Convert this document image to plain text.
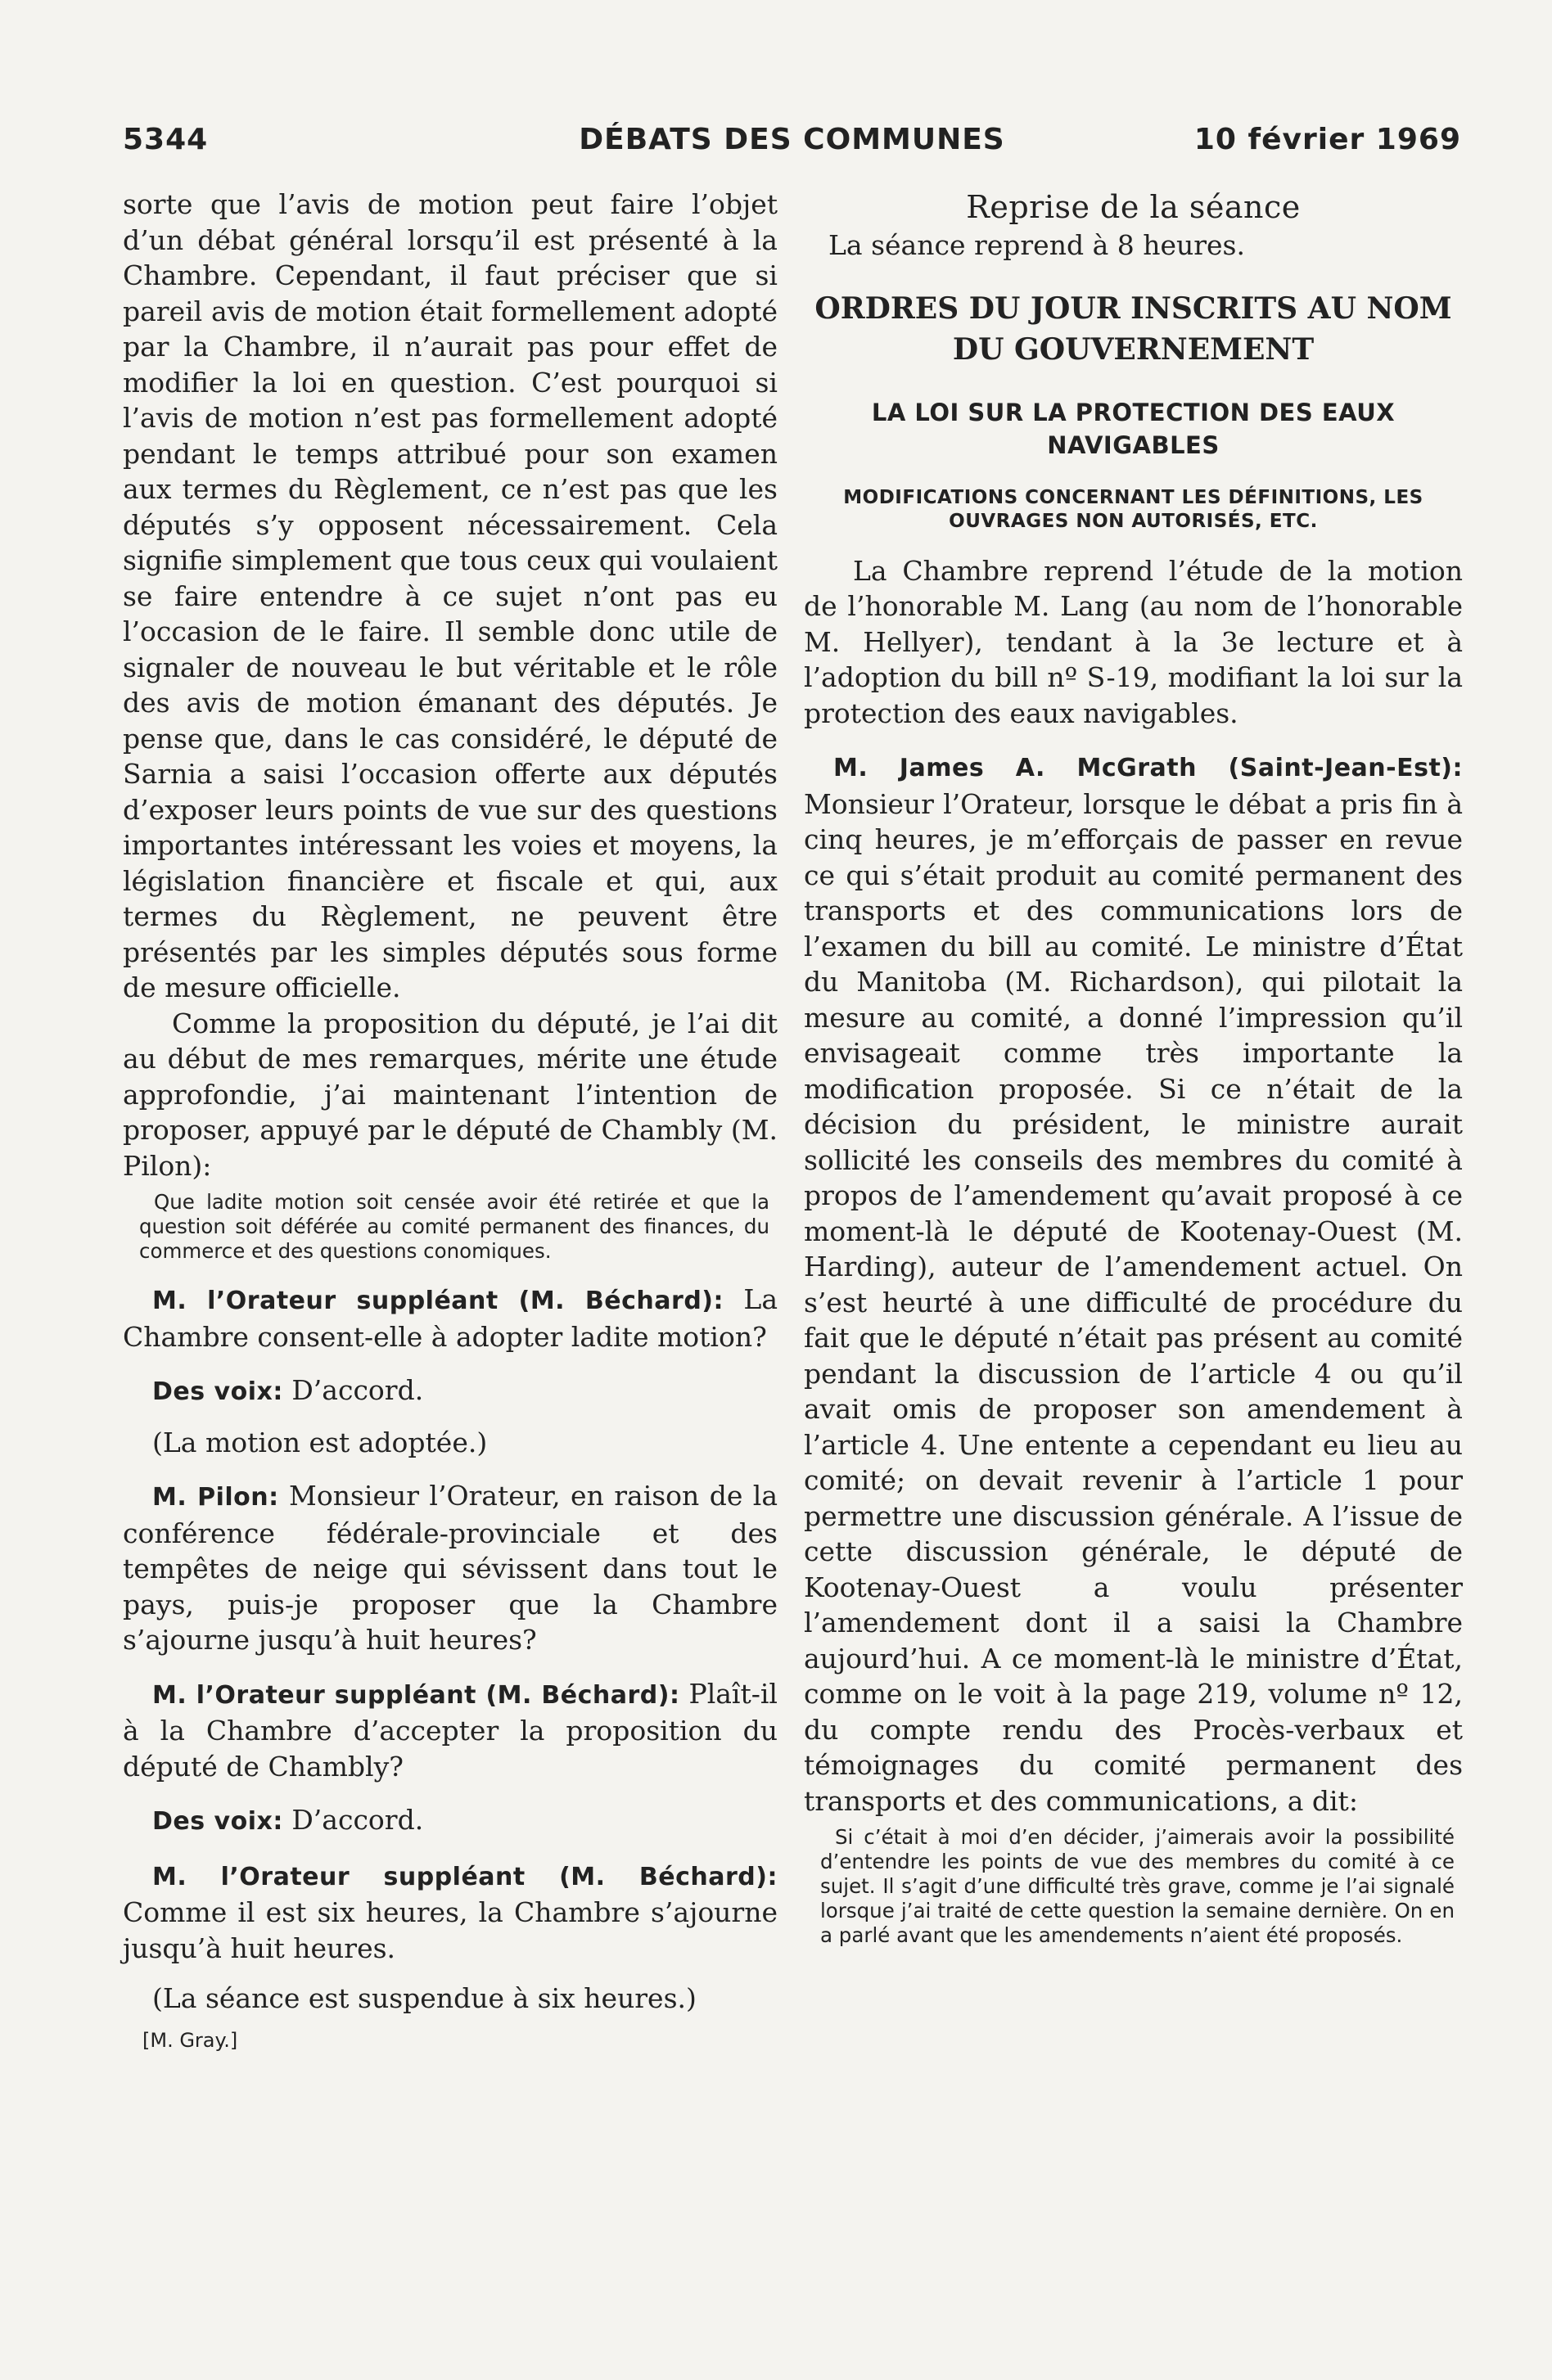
5344	DÉBATS DES COMMUNES	10 février 1969

sorte que l’avis de motion peut faire l’objet d’un débat général lorsqu’il est présenté à la Chambre. Cependant, il faut préciser que si pareil avis de motion était formellement adopté par la Chambre, il n’aurait pas pour effet de modifier la loi en question. C’est pourquoi si l’avis de motion n’est pas formellement adopté pendant le temps attribué pour son examen aux termes du Règlement, ce n’est pas que les députés s’y opposent nécessairement. Cela signifie simplement que tous ceux qui voulaient se faire entendre à ce sujet n’ont pas eu l’occasion de le faire. Il semble donc utile de signaler de nouveau le but véritable et le rôle des avis de motion émanant des députés. Je pense que, dans le cas considéré, le député de Sarnia a saisi l’occasion offerte aux députés d’exposer leurs points de vue sur des questions importantes intéressant les voies et moyens, la législation financière et fiscale et qui, aux termes du Règlement, ne peuvent être présentés par les simples députés sous forme de mesure officielle.

Comme la proposition du député, je l’ai dit au début de mes remarques, mérite une étude approfondie, j’ai maintenant l’intention de proposer, appuyé par le député de Chambly (M. Pilon):

Que ladite motion soit censée avoir été retirée et que la question soit déférée au comité permanent des finances, du commerce et des questions conomiques.

M. l’Orateur suppléant (M. Béchard): La Chambre consent-elle à adopter ladite motion?

Des voix: D’accord.

(La motion est adoptée.)

M. Pilon: Monsieur l’Orateur, en raison de la conférence fédérale-provinciale et des tempêtes de neige qui sévissent dans tout le pays, puis-je proposer que la Chambre s’ajourne jusqu’à huit heures?

M. l’Orateur suppléant (M. Béchard): Plaît-il à la Chambre d’accepter la proposition du député de Chambly?

Des voix: D’accord.

M. l’Orateur suppléant (M. Béchard): Comme il est six heures, la Chambre s’ajourne jusqu’à huit heures.

(La séance est suspendue à six heures.)

[M. Gray.]

Reprise de la séance

La séance reprend à 8 heures.

ORDRES DU JOUR INSCRITS AU NOM DU GOUVERNEMENT
LA LOI SUR LA PROTECTION DES EAUX NAVIGABLES
MODIFICATIONS CONCERNANT LES DÉFINITIONS, LES OUVRAGES NON AUTORISÉS, ETC.

La Chambre reprend l’étude de la motion de l’honorable M. Lang (au nom de l’honorable M. Hellyer), tendant à la 3e lecture et à l’adoption du bill nº S-19, modifiant la loi sur la protection des eaux navigables.

M. James A. McGrath (Saint-Jean-Est): Monsieur l’Orateur, lorsque le débat a pris fin à cinq heures, je m’efforçais de passer en revue ce qui s’était produit au comité permanent des transports et des communications lors de l’examen du bill au comité. Le ministre d’État du Manitoba (M. Richardson), qui pilotait la mesure au comité, a donné l’impression qu’il envisageait comme très importante la modification proposée. Si ce n’était de la décision du président, le ministre aurait sollicité les conseils des membres du comité à propos de l’amendement qu’avait proposé à ce moment-là le député de Kootenay-Ouest (M. Harding), auteur de l’amendement actuel. On s’est heurté à une difficulté de procédure du fait que le député n’était pas présent au comité pendant la discussion de l’article 4 ou qu’il avait omis de proposer son amendement à l’article 4. Une entente a cependant eu lieu au comité; on devait revenir à l’article 1 pour permettre une discussion générale. A l’issue de cette discussion générale, le député de Kootenay-Ouest a voulu présenter l’amendement dont il a saisi la Chambre aujourd’hui. A ce moment-là le ministre d’État, comme on le voit à la page 219, volume nº 12, du compte rendu des Procès-verbaux et témoignages du comité permanent des transports et des communications, a dit:

Si c’était à moi d’en décider, j’aimerais avoir la possibilité d’entendre les points de vue des membres du comité à ce sujet. Il s’agit d’une difficulté très grave, comme je l’ai signalé lorsque j’ai traité de cette question la semaine dernière. On en a parlé avant que les amendements n’aient été proposés.
